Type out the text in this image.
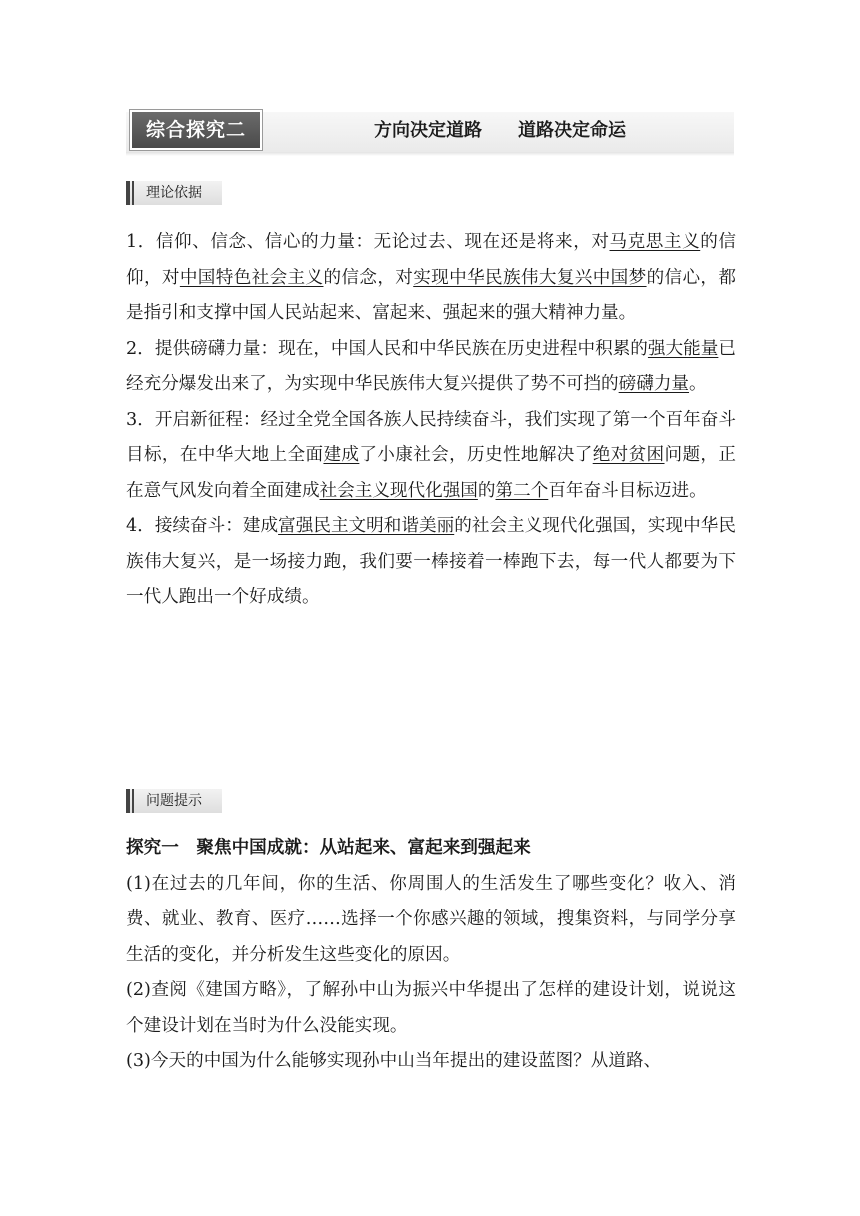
综合探究二	方向决定道路　　道路决定命运
理论依据

1．信仰、信念、信心的力量：无论过去、现在还是将来，对马克思主义的信仰，对中国特色社会主义的信念，对实现中华民族伟大复兴中国梦的信心，都是指引和支撑中国人民站起来、富起来、强起来的强大精神力量。

2．提供磅礴力量：现在，中国人民和中华民族在历史进程中积累的强大能量已经充分爆发出来了，为实现中华民族伟大复兴提供了势不可挡的磅礴力量。

3．开启新征程：经过全党全国各族人民持续奋斗，我们实现了第一个百年奋斗目标，在中华大地上全面建成了小康社会，历史性地解决了绝对贫困问题，正在意气风发向着全面建成社会主义现代化强国的第二个百年奋斗目标迈进。

4．接续奋斗：建成富强民主文明和谐美丽的社会主义现代化强国，实现中华民族伟大复兴，是一场接力跑，我们要一棒接着一棒跑下去，每一代人都要为下一代人跑出一个好成绩。

问题提示

探究一　聚焦中国成就：从站起来、富起来到强起来

(1)在过去的几年间，你的生活、你周围人的生活发生了哪些变化？收入、消费、就业、教育、医疗……选择一个你感兴趣的领域，搜集资料，与同学分享生活的变化，并分析发生这些变化的原因。

(2)查阅《建国方略》，了解孙中山为振兴中华提出了怎样的建设计划，说说这个建设计划在当时为什么没能实现。

(3)今天的中国为什么能够实现孙中山当年提出的建设蓝图？从道路、
